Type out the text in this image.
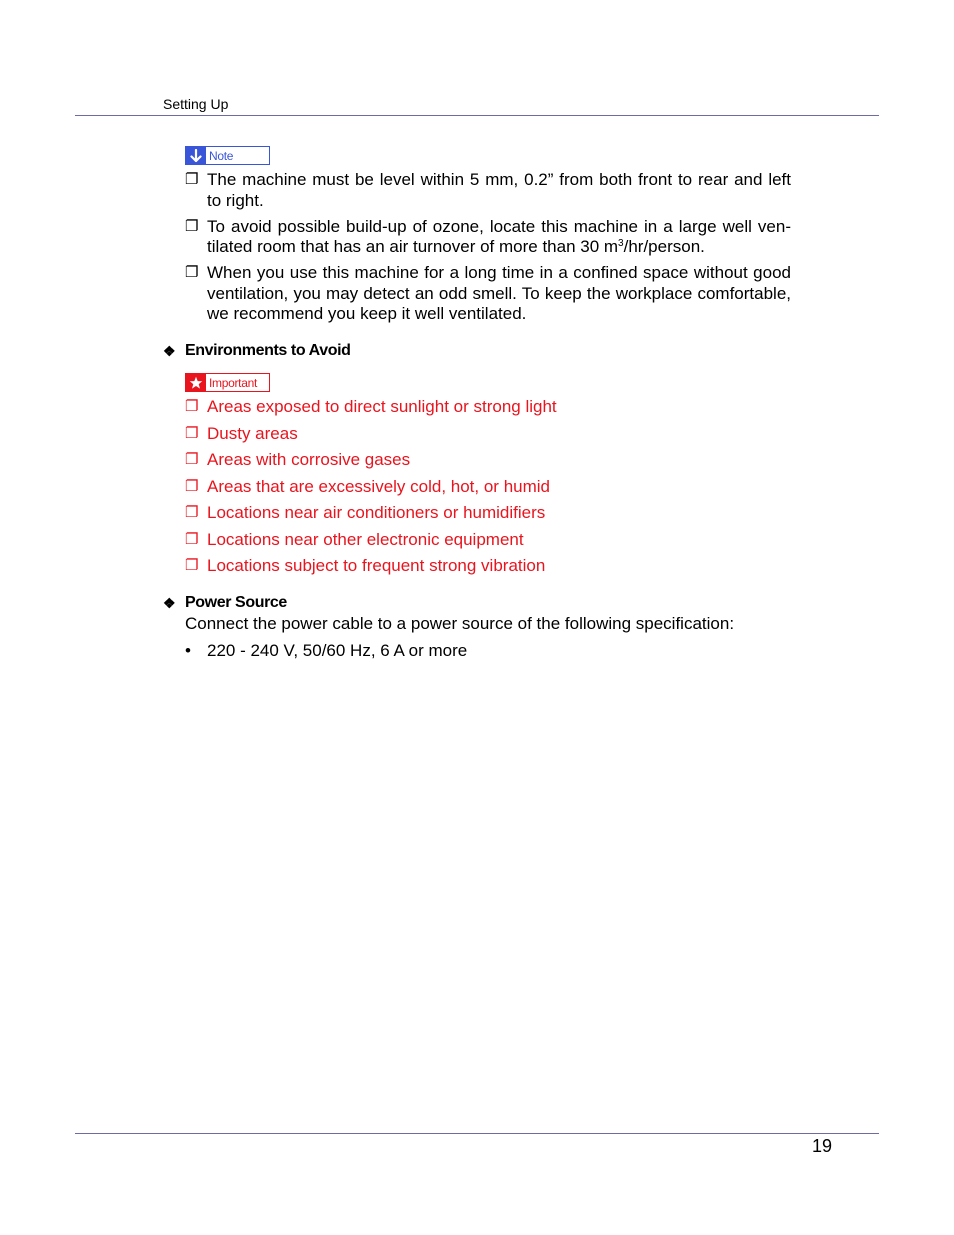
Setting Up
Note
❐ The machine must be level within 5 mm, 0.2” from both front to rear and left to right.
❐ To avoid possible build-up of ozone, locate this machine in a large well ven-tilated room that has an air turnover of more than 30 $m^3/hr$/person.
❐ When you use this machine for a long time in a confined space without good ventilation, you may detect an odd smell. To keep the workplace comfortable, we recommend you keep it well ventilated.
❖ Environments to Avoid
Important
❐ Areas exposed to direct sunlight or strong light
❐ Dusty areas
❐ Areas with corrosive gases
❐ Areas that are excessively cold, hot, or humid
❐ Locations near air conditioners or humidifiers
❐ Locations near other electronic equipment
❐ Locations subject to frequent strong vibration
❖ Power Source
Connect the power cable to a power source of the following specification:
• 220 - 240 V, 50/60 Hz, 6 A or more
19
